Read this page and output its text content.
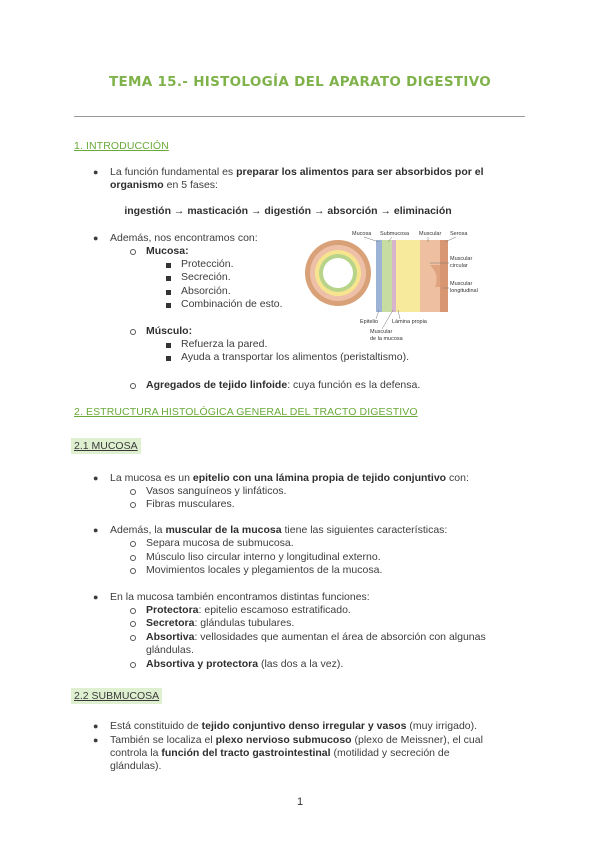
TEMA 15.- HISTOLOGÍA DEL APARATO DIGESTIVO
1. INTRODUCCIÓN
● La función fundamental es preparar los alimentos para ser absorbidos por el
organismo en 5 fases:
ingestión → masticación → digestión → absorción → eliminación
● Además, nos encontramos con:
Mucosa:
Protección.
Secreción.
Absorción.
Combinación de esto.
Músculo:
Refuerza la pared.
Ayuda a transportar los alimentos (peristaltismo).
Agregados de tejido linfoide: cuya función es la defensa.
Mucosa Submucosa Muscular Serosa
Muscular
circular
Muscular
longitudinal
Epitelio	Lámina propia
Muscular
de la mucosa
2. ESTRUCTURA HISTOLÓGICA GENERAL DEL TRACTO DIGESTIVO
2.1 MUCOSA
● La mucosa es un epitelio con una lámina propia de tejido conjuntivo con:
Vasos sanguíneos y linfáticos.
Fibras musculares.
● Además, la muscular de la mucosa tiene las siguientes características:
Separa mucosa de submucosa.
Músculo liso circular interno y longitudinal externo.
Movimientos locales y plegamientos de la mucosa.
● En la mucosa también encontramos distintas funciones:
Protectora: epitelio escamoso estratificado.
Secretora: glándulas tubulares.
Absortiva: vellosidades que aumentan el área de absorción con algunas
glándulas.
Absortiva y protectora (las dos a la vez).
2.2 SUBMUCOSA
● Está constituido de tejido conjuntivo denso irregular y vasos (muy irrigado).
● También se localiza el plexo nervioso submucoso (plexo de Meissner), el cual
controla la función del tracto gastrointestinal (motilidad y secreción de
glándulas).
1
